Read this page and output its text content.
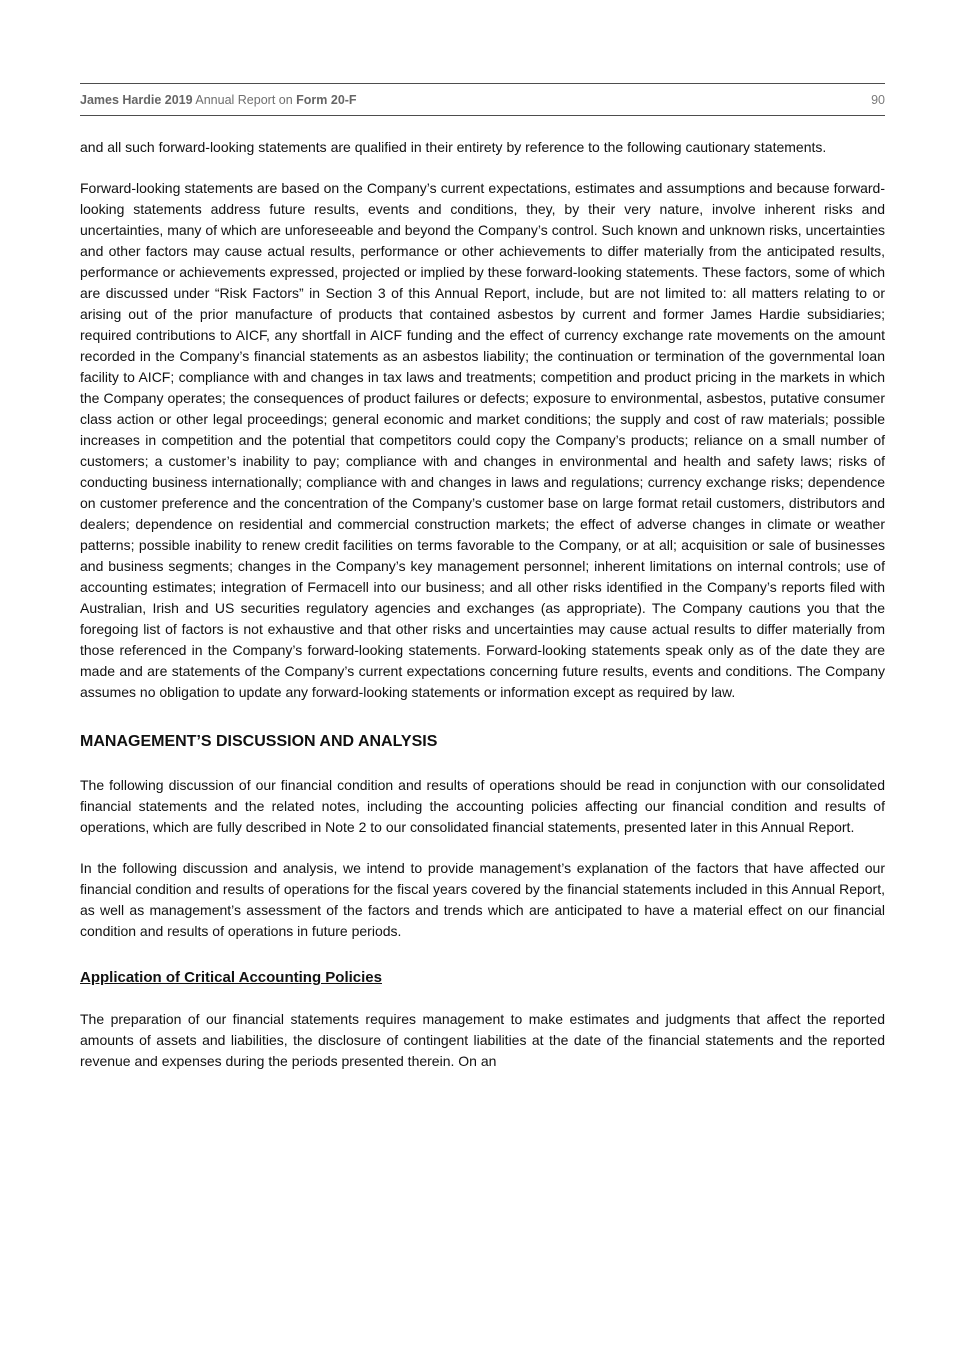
James Hardie 2019 Annual Report on Form 20-F	90

and all such forward-looking statements are qualified in their entirety by reference to the following cautionary statements.

Forward-looking statements are based on the Company’s current expectations, estimates and assumptions and because forward-looking statements address future results, events and conditions, they, by their very nature, involve inherent risks and uncertainties, many of which are unforeseeable and beyond the Company’s control. Such known and unknown risks, uncertainties and other factors may cause actual results, performance or other achievements to differ materially from the anticipated results, performance or achievements expressed, projected or implied by these forward-looking statements. These factors, some of which are discussed under “Risk Factors” in Section 3 of this Annual Report, include, but are not limited to: all matters relating to or arising out of the prior manufacture of products that contained asbestos by current and former James Hardie subsidiaries; required contributions to AICF, any shortfall in AICF funding and the effect of currency exchange rate movements on the amount recorded in the Company’s financial statements as an asbestos liability; the continuation or termination of the governmental loan facility to AICF; compliance with and changes in tax laws and treatments; competition and product pricing in the markets in which the Company operates; the consequences of product failures or defects; exposure to environmental, asbestos, putative consumer class action or other legal proceedings; general economic and market conditions; the supply and cost of raw materials; possible increases in competition and the potential that competitors could copy the Company’s products; reliance on a small number of customers; a customer’s inability to pay; compliance with and changes in environmental and health and safety laws; risks of conducting business internationally; compliance with and changes in laws and regulations; currency exchange risks; dependence on customer preference and the concentration of the Company’s customer base on large format retail customers, distributors and dealers; dependence on residential and commercial construction markets; the effect of adverse changes in climate or weather patterns; possible inability to renew credit facilities on terms favorable to the Company, or at all; acquisition or sale of businesses and business segments; changes in the Company’s key management personnel; inherent limitations on internal controls; use of accounting estimates; integration of Fermacell into our business; and all other risks identified in the Company’s reports filed with Australian, Irish and US securities regulatory agencies and exchanges (as appropriate). The Company cautions you that the foregoing list of factors is not exhaustive and that other risks and uncertainties may cause actual results to differ materially from those referenced in the Company’s forward-looking statements. Forward-looking statements speak only as of the date they are made and are statements of the Company’s current expectations concerning future results, events and conditions. The Company assumes no obligation to update any forward-looking statements or information except as required by law.

MANAGEMENT’S DISCUSSION AND ANALYSIS

The following discussion of our financial condition and results of operations should be read in conjunction with our consolidated financial statements and the related notes, including the accounting policies affecting our financial condition and results of operations, which are fully described in Note 2 to our consolidated financial statements, presented later in this Annual Report.

In the following discussion and analysis, we intend to provide management’s explanation of the factors that have affected our financial condition and results of operations for the fiscal years covered by the financial statements included in this Annual Report, as well as management’s assessment of the factors and trends which are anticipated to have a material effect on our financial condition and results of operations in future periods.

Application of Critical Accounting Policies

The preparation of our financial statements requires management to make estimates and judgments that affect the reported amounts of assets and liabilities, the disclosure of contingent liabilities at the date of the financial statements and the reported revenue and expenses during the periods presented therein. On an
